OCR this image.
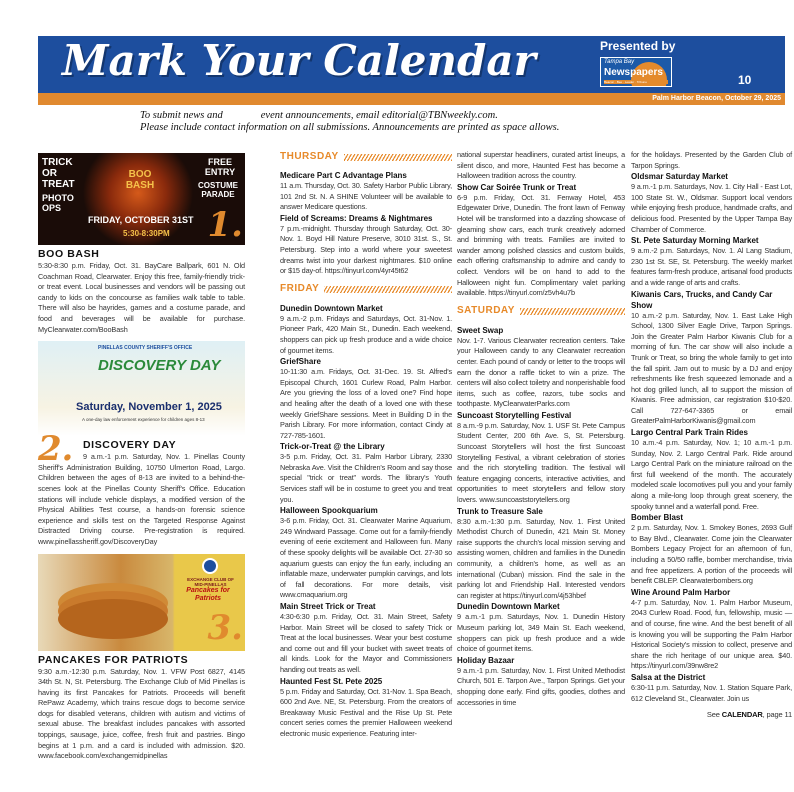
Mark Your Calendar	Presented by
Tampa Bay
Newspapers
Beacon · Bee · Leader · Tribune	10
Palm Harbor Beacon, October 29, 2025
To submit news and	event announcements, email editorial@TBNweekly.com.
Please include contact information on all submissions. Announcements are printed as space allows.
TRICK OR TREAT
PHOTO OPS
BOO BASH
FRIDAY, OCTOBER 31ST
5:30-8:30PM
FREE ENTRY
COSTUME PARADE
1.
BOO BASH
5:30-8:30 p.m. Friday, Oct. 31. BayCare Ballpark, 601 N. Old Coachman Road, Clearwater. Enjoy this free, family-friendly trick-or treat event. Local businesses and vendors will be passing out candy to kids on the concourse as families walk table to table. There will also be hayrides, games and a costume parade, and food and beverages will be available for purchase. MyClearwater.com/BooBash
PINELLAS COUNTY SHERIFF'S OFFICE
DISCOVERY DAY
Saturday, November 1, 2025
A one-day law enforcement experience for children ages 8-13
2. DISCOVERY DAY
9 a.m.-1 p.m. Saturday, Nov. 1. Pinellas County Sheriff's Administration Building, 10750 Ulmerton Road, Largo. Children between the ages of 8-13 are invited to a behind-the-scenes look at the Pinellas County Sheriff's Office. Education stations will include vehicle displays, a modified version of the Physical Abilities Test course, a hands-on forensic science experience and skills test on the Targeted Response Against Distracted Driving course. Pre-registration is required. www.pinellassheriff.gov/DiscoveryDay
EXCHANGE CLUB OF MID-PINELLAS
Pancakes for Patriots
3.
PANCAKES FOR PATRIOTS
9:30 a.m.-12:30 p.m. Saturday, Nov. 1. VFW Post 6827, 4145 34th St. N, St. Petersburg. The Exchange Club of Mid Pinellas is having its first Pancakes for Patriots. Proceeds will benefit RePawz Academy, which trains rescue dogs to become service dogs for disabled veterans, children with autism and victims of sexual abuse. The breakfast includes pancakes with assorted toppings, sausage, juice, coffee, fresh fruit and pastries. Bingo begins at 1 p.m. and a card is included with admission. $20. www.facebook.com/exchangemidpinellas
THURSDAY
Medicare Part C Advantage Plans
11 a.m. Thursday, Oct. 30. Safety Harbor Public Library, 101 2nd St. N. A SHINE Volunteer will be available to answer Medicare questions.
Field of Screams: Dreams & Nightmares
7 p.m.-midnight. Thursday through Saturday, Oct. 30-Nov. 1. Boyd Hill Nature Preserve, 3010 31st. S., St. Petersburg. Step into a world where your sweetest dreams twist into your darkest nightmares. $10 online or $15 day-of. https://tinyurl.com/4yr45t62
FRIDAY
Dunedin Downtown Market
9 a.m.-2 p.m. Fridays and Saturdays, Oct. 31-Nov. 1. Pioneer Park, 420 Main St., Dunedin. Each weekend, shoppers can pick up fresh produce and a wide choice of gourmet items.
GriefShare
10-11:30 a.m. Fridays, Oct. 31-Dec. 19. St. Alfred's Episcopal Church, 1601 Curlew Road, Palm Harbor. Are you grieving the loss of a loved one? Find hope and healing after the death of a loved one with these weekly GriefShare sessions. Meet in Building D in the Parish Library. For more information, contact Cindy at 727-785-1601.
Trick-or-Treat @ the Library
3-5 p.m. Friday, Oct. 31. Palm Harbor Library, 2330 Nebraska Ave. Visit the Children's Room and say those special "trick or treat" words. The library's Youth Services staff will be in costume to greet you and treat you.
Halloween Spookquarium
3-6 p.m. Friday, Oct. 31. Clearwater Marine Aquarium, 249 Windward Passage. Come out for a family-friendly evening of eerie excitement and Halloween fun. Many of these spooky delights will be available Oct. 27-30 so aquarium guests can enjoy the fun early, including an inflatable maze, underwater pumpkin carvings, and lots of fall decorations. For more details, visit www.cmaquarium.org
Main Street Trick or Treat
4:30-6:30 p.m. Friday, Oct. 31. Main Street, Safety Harbor. Main Street will be closed to safety Trick or Treat at the local businesses. Wear your best costume and come out and fill your bucket with sweet treats of all kinds. Look for the Mayor and Commissioners handing out treats as well.
Haunted Fest St. Pete 2025
5 p.m. Friday and Saturday, Oct. 31-Nov. 1. Spa Beach, 600 2nd Ave. NE, St. Petersburg. From the creators of Breakaway Music Festival and the Rise Up St. Pete concert series comes the premier Halloween weekend electronic music experience. Featuring inter-
national superstar headliners, curated artist lineups, a silent disco, and more, Haunted Fest has become a Halloween tradition across the country.
Show Car Soirée Trunk or Treat
6-9 p.m. Friday, Oct. 31. Fenway Hotel, 453 Edgewater Drive, Dunedin. The front lawn of Fenway Hotel will be transformed into a dazzling showcase of gleaming show cars, each trunk creatively adorned and brimming with treats. Families are invited to wander among polished classics and custom builds, each offering craftsmanship to admire and candy to collect. Vendors will be on hand to add to the Halloween night fun. Complimentary valet parking available. https://tinyurl.com/z5vh4u7b
SATURDAY
Sweet Swap
Nov. 1-7. Various Clearwater recreation centers. Take your Halloween candy to any Clearwater recreation center. Each pound of candy or letter to the troops will earn the donor a raffle ticket to win a prize. The centers will also collect toiletry and nonperishable food items, such as coffee, razors, tube socks and toothpaste. MyClearwaterParks.com
Suncoast Storytelling Festival
8 a.m.-9 p.m. Saturday, Nov. 1. USF St. Pete Campus Student Center, 200 6th Ave. S, St. Petersburg. Suncoast Storytellers will host the first Suncoast Storytelling Festival, a vibrant celebration of stories and the rich storytelling tradition. The festival will feature engaging concerts, interactive activities, and opportunities to meet storytellers and fellow story lovers. www.suncoaststorytellers.org
Trunk to Treasure Sale
8:30 a.m.-1:30 p.m. Saturday, Nov. 1. First United Methodist Church of Dunedin, 421 Main St. Money raise supports the church's local mission serving and assisting women, children and families in the Dunedin community, a children's home, as well as an international (Cuban) mission. Find the sale in the parking lot and Friendship Hall. Interested vendors can register at https://tinyurl.com/4j53hbef
Dunedin Downtown Market
9 a.m.-1 p.m. Saturdays, Nov. 1. Dunedin History Museum parking lot, 349 Main St. Each weekend, shoppers can pick up fresh produce and a wide choice of gourmet items.
Holiday Bazaar
9 a.m.-1 p.m. Saturday, Nov. 1. First United Methodist Church, 501 E. Tarpon Ave., Tarpon Springs. Get your shopping done early. Find gifts, goodies, clothes and accessories in time
for the holidays. Presented by the Garden Club of Tarpon Springs.
Oldsmar Saturday Market
9 a.m.-1 p.m. Saturdays, Nov. 1. City Hall - East Lot, 100 State St. W., Oldsmar. Support local vendors while enjoying fresh produce, handmade crafts, and delicious food. Presented by the Upper Tampa Bay Chamber of Commerce.
St. Pete Saturday Morning Market
9 a.m.-2 p.m. Saturdays, Nov. 1. Al Lang Stadium, 230 1st St. SE, St. Petersburg. The weekly market features farm-fresh produce, artisanal food products and a wide range of arts and crafts.
Kiwanis Cars, Trucks, and Candy Car Show
10 a.m.-2 p.m. Saturday, Nov. 1. East Lake High School, 1300 Silver Eagle Drive, Tarpon Springs. Join the Greater Palm Harbor Kiwanis Club for a morning of fun. The car show will also include a Trunk or Treat, so bring the whole family to get into the fall spirit. Jam out to music by a DJ and enjoy refreshments like fresh squeezed lemonade and a hot dog grilled lunch, all to support the mission of Kiwanis. Free admission, car registration $10-$20. Call 727-647-3365 or email GreaterPalmHarborKiwanis@gmail.com
Largo Central Park Train Rides
10 a.m.-4 p.m. Saturday, Nov. 1; 10 a.m.-1 p.m. Sunday, Nov. 2. Largo Central Park. Ride around Largo Central Park on the miniature railroad on the first full weekend of the month. The accurately modeled scale locomotives pull you and your family along a mile-long loop through great scenery, the spooky tunnel and a waterfall pond. Free.
Bomber Blast
2 p.m. Saturday, Nov. 1. Smokey Bones, 2693 Gulf to Bay Blvd., Clearwater. Come join the Clearwater Bombers Legacy Project for an afternoon of fun, including a 50/50 raffle, bomber merchandise, trivia and free appetizers. A portion of the proceeds will benefit CBLEP. Clearwaterbombers.org
Wine Around Palm Harbor
4-7 p.m. Saturday, Nov. 1. Palm Harbor Museum, 2043 Curlew Road. Food, fun, fellowship, music — and of course, fine wine. And the best benefit of all is knowing you will be supporting the Palm Harbor Historical Society's mission to collect, preserve and share the rich heritage of our unique area. $40. https://tinyurl.com/39nw8re2
Salsa at the District
6:30-11 p.m. Saturday, Nov. 1. Station Square Park, 612 Cleveland St., Clearwater. Join us
See CALENDAR, page 11
